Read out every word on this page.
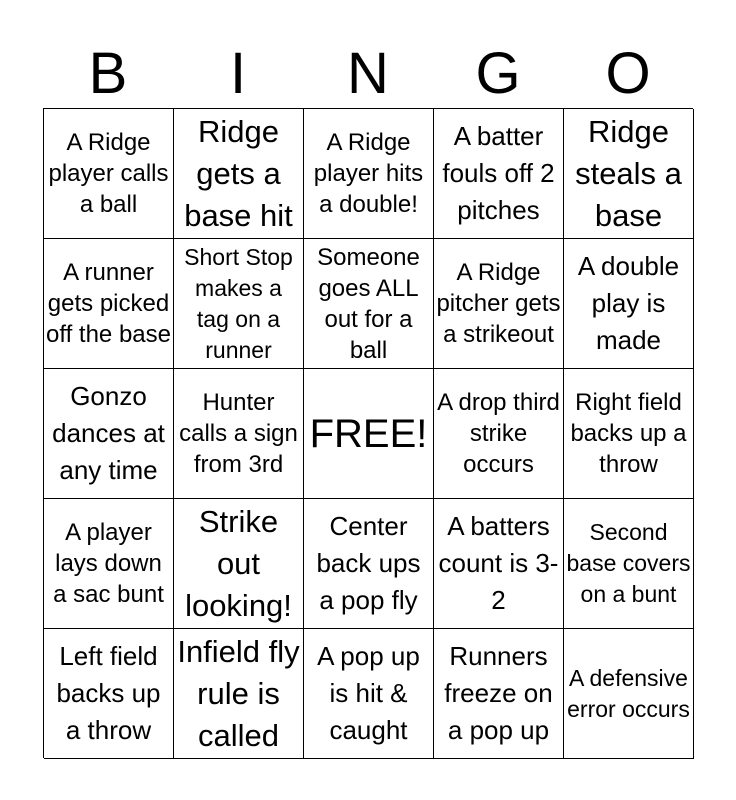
B	I	N	G	O
A Ridge player calls a ball
Ridge gets a base hit
A Ridge player hits a double!
A batter fouls off 2 pitches
Ridge steals a base
A runner gets picked off the base
Short Stop makes a tag on a runner
Someone goes ALL out for a ball
A Ridge pitcher gets a strikeout
A double play is made
Gonzo dances at any time
Hunter calls a sign from 3rd
FREE!
A drop third strike occurs
Right field backs up a throw
A player lays down a sac bunt
Strike out looking!
Center back ups a pop fly
A batters count is 3-2
Second base covers on a bunt
Left field backs up a throw
Infield fly rule is called
A pop up is hit & caught
Runners freeze on a pop up
A defensive error occurs
